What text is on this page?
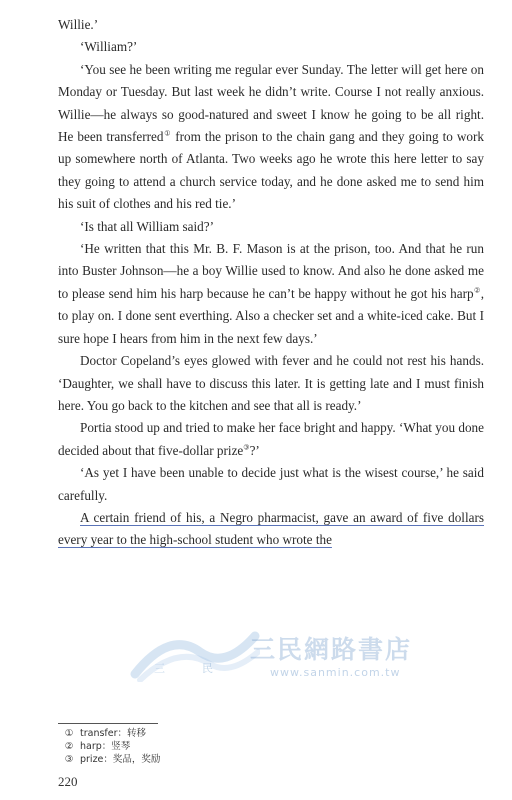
Willie.’

‘William?’

‘You see he been writing me regular ever Sunday. The letter will get here on Monday or Tuesday. But last week he didn’t write. Course I not really anxious. Willie—he always so good-natured and sweet I know he going to be all right. He been transferred① from the prison to the chain gang and they going to work up somewhere north of Atlanta. Two weeks ago he wrote this here letter to say they going to attend a church service today, and he done asked me to send him his suit of clothes and his red tie.’

‘Is that all William said?’

‘He written that this Mr. B. F. Mason is at the prison, too. And that he run into Buster Johnson—he a boy Willie used to know. And also he done asked me to please send him his harp because he can’t be happy without he got his harp②, to play on. I done sent everthing. Also a checker set and a white-iced cake. But I sure hope I hears from him in the next few days.’

Doctor Copeland’s eyes glowed with fever and he could not rest his hands. ‘Daughter, we shall have to discuss this later. It is getting late and I must finish here. You go back to the kitchen and see that all is ready.’

Portia stood up and tried to make her face bright and happy. ‘What you done decided about that five-dollar prize③?’

‘As yet I have been unable to decide just what is the wisest course,’ he said carefully.

A certain friend of his, a Negro pharmacist, gave an award of five dollars every year to the high-school student who wrote the

三	民
三民網路書店
www.sanmin.com.tw
① transfer：转移
② harp：竖琴
③ prize：奖品，奖励
220
